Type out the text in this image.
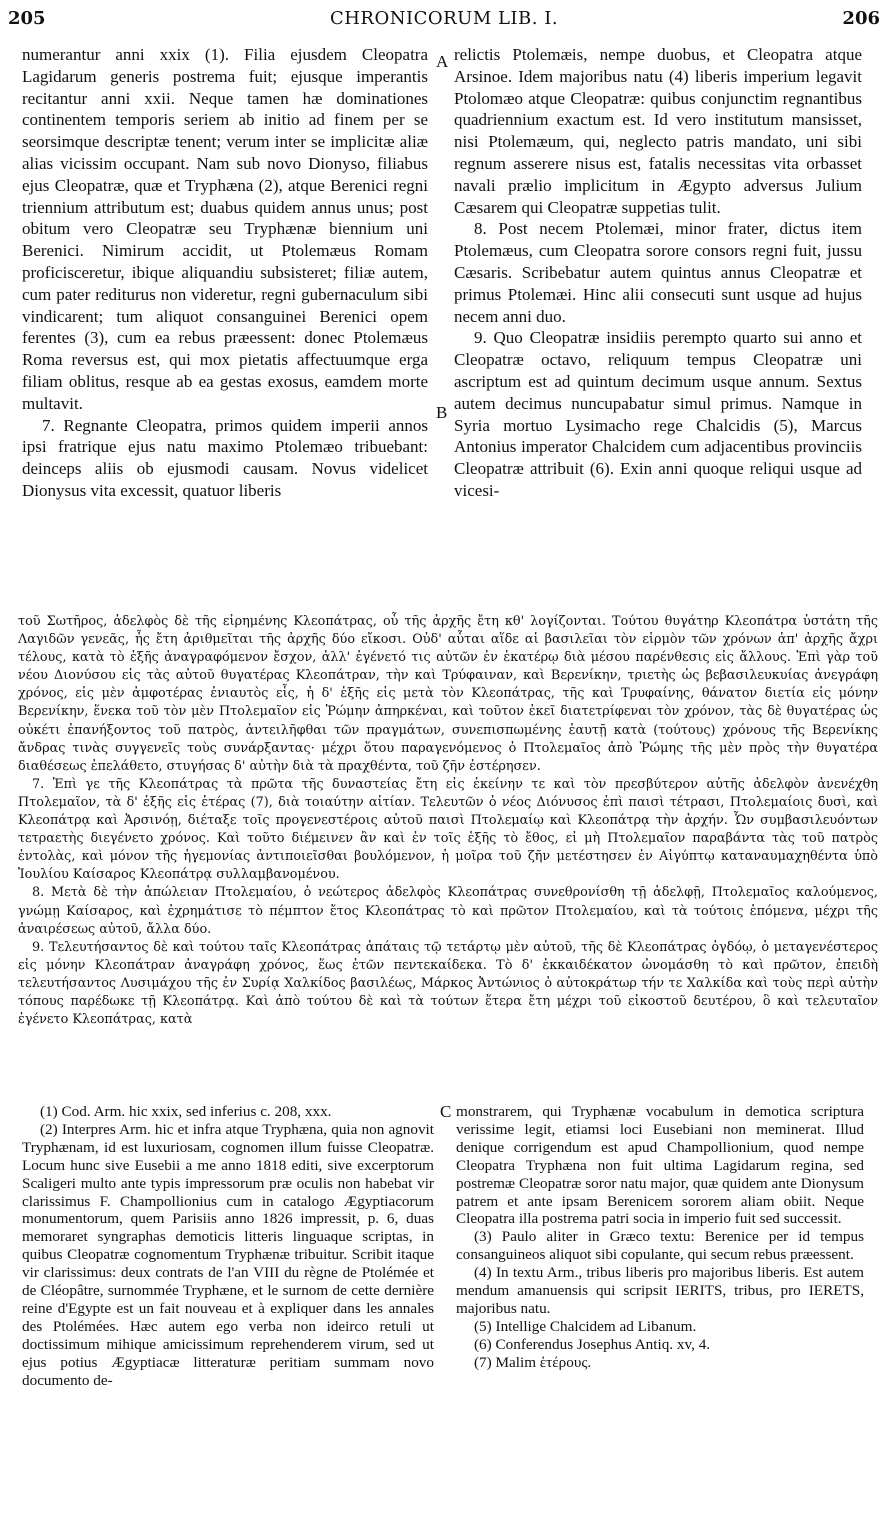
205	CHRONICORUM LIB. I.	206

numerantur anni xxix (1). Filia ejusdem Cleopatra Lagidarum generis postrema fuit; ejusque imperantis recitantur anni xxii. Neque tamen hæ dominationes continentem temporis seriem ab initio ad finem per se seorsimque descriptæ tenent; verum inter se implicitæ aliæ alias vicissim occupant. Nam sub novo Dionyso, filiabus ejus Cleopatræ, quæ et Tryphæna (2), atque Berenici regni triennium attributum est; duabus quidem annus unus; post obitum vero Cleopatræ seu Tryphænæ biennium uni Berenici. Nimirum accidit, ut Ptolemæus Romam proficisceretur, ibique aliquandiu subsisteret; filiæ autem, cum pater rediturus non videretur, regni gubernaculum sibi vindicarent; tum aliquot consanguinei Berenici opem ferentes (3), cum ea rebus præessent: donec Ptolemæus Roma reversus est, qui mox pietatis affectuumque erga filiam oblitus, resque ab ea gestas exosus, eamdem morte multavit.

7. Regnante Cleopatra, primos quidem imperii annos ipsi fratrique ejus natu maximo Ptolemæo tribuebant: deinceps aliis ob ejusmodi causam. Novus videlicet Dionysus vita excessit, quatuor liberis

A
B

relictis Ptolemæis, nempe duobus, et Cleopatra atque Arsinoe. Idem majoribus natu (4) liberis imperium legavit Ptolomæo atque Cleopatræ: quibus conjunctim regnantibus quadriennium exactum est. Id vero institutum mansisset, nisi Ptolemæum, qui, neglecto patris mandato, uni sibi regnum asserere nisus est, fatalis necessitas vita orbasset navali prælio implicitum in Ægypto adversus Julium Cæsarem qui Cleopatræ suppetias tulit.

8. Post necem Ptolemæi, minor frater, dictus item Ptolemæus, cum Cleopatra sorore consors regni fuit, jussu Cæsaris. Scribebatur autem quintus annus Cleopatræ et primus Ptolemæi. Hinc alii consecuti sunt usque ad hujus necem anni duo.

9. Quo Cleopatræ insidiis perempto quarto sui anno et Cleopatræ octavo, reliquum tempus Cleopatræ uni ascriptum est ad quintum decimum usque annum. Sextus autem decimus nuncupabatur simul primus. Namque in Syria mortuo Lysimacho rege Chalcidis (5), Marcus Antonius imperator Chalcidem cum adjacentibus provinciis Cleopatræ attribuit (6). Exin anni quoque reliqui usque ad vicesi-

τοῦ Σωτῆρος, ἀδελφὸς δὲ τῆς εἰρημένης Κλεοπάτρας, οὗ τῆς ἀρχῆς ἔτη κθ' λογίζονται. Τούτου θυγάτηρ Κλεοπάτρα ὑστάτη τῆς Λαγιδῶν γενεᾶς, ἧς ἔτη ἀριθμεῖται τῆς ἀρχῆς δύο εἴκοσι. Οὐδ' αὗται αἵδε αἱ βασιλεῖαι τὸν εἱρμὸν τῶν χρόνων ἀπ' ἀρχῆς ἄχρι τέλους, κατὰ τὸ ἑξῆς ἀναγραφόμενον ἔσχον, ἀλλ' ἐγένετό τις αὐτῶν ἐν ἑκατέρῳ διὰ μέσου παρένθεσις εἰς ἄλλους. Ἐπὶ γὰρ τοῦ νέου Διονύσου εἰς τὰς αὐτοῦ θυγατέρας Κλεοπάτραν, τὴν καὶ Τρύφαιναν, καὶ Βερενίκην, τριετὴς ὡς βεβασιλευκυίας ἀνεγράφη χρόνος, εἰς μὲν ἀμφοτέρας ἐνιαυτὸς εἷς, ἡ δ' ἑξῆς εἰς μετὰ τὸν Κλεοπάτρας, τῆς καὶ Τρυφαίνης, θάνατον διετία εἰς μόνην Βερενίκην, ἕνεκα τοῦ τὸν μὲν Πτολεμαῖον εἰς Ῥώμην ἀπηρκέναι, καὶ τοῦτον ἐκεῖ διατετρίφεναι τὸν χρόνον, τὰς δὲ θυγατέρας ὡς οὐκέτι ἐπανήξοντος τοῦ πατρὸς, ἀντειλῆφθαι τῶν πραγμάτων, συνεπισπωμένης ἑαυτῇ κατὰ (τούτους) χρόνους τῆς Βερενίκης ἄνδρας τινὰς συγγενεῖς τοὺς συνάρξαντας· μέχρι ὅτου παραγενόμενος ὁ Πτολεμαῖος ἀπὸ Ῥώμης τῆς μὲν πρὸς τὴν θυγατέρα διαθέσεως ἐπελάθετο, στυγήσας δ' αὐτὴν διὰ τὰ πραχθέντα, τοῦ ζῆν ἐστέρησεν.

7. Ἐπὶ γε τῆς Κλεοπάτρας τὰ πρῶτα τῆς δυναστείας ἔτη εἰς ἐκείνην τε καὶ τὸν πρεσβύτερον αὐτῆς ἀδελφὸν ἀνενέχθη Πτολεμαῖον, τὰ δ' ἑξῆς εἰς ἑτέρας (7), διὰ τοιαύτην αἰτίαν. Τελευτῶν ὁ νέος Διόνυσος ἐπὶ παισὶ τέτρασι, Πτολεμαίοις δυσὶ, καὶ Κλεοπάτρᾳ καὶ Ἀρσινόῃ, διέταξε τοῖς προγενεστέροις αὐτοῦ παισὶ Πτολεμαίῳ καὶ Κλεοπάτρᾳ τὴν ἀρχήν. Ὧν συμβασιλευόντων τετραετὴς διεγένετο χρόνος. Καὶ τοῦτο διέμεινεν ἂν καὶ ἐν τοῖς ἑξῆς τὸ ἔθος, εἰ μὴ Πτολεμαῖον παραβάντα τὰς τοῦ πατρὸς ἐντολὰς, καὶ μόνον τῆς ἡγεμονίας ἀντιποιεῖσθαι βουλόμενον, ἡ μοῖρα τοῦ ζῆν μετέστησεν ἐν Αἰγύπτῳ καταναυμαχηθέντα ὑπὸ Ἰουλίου Καίσαρος Κλεοπάτρᾳ συλλαμβανομένου.

8. Μετὰ δὲ τὴν ἀπώλειαν Πτολεμαίου, ὁ νεώτερος ἀδελφὸς Κλεοπάτρας συνεθρονίσθη τῇ ἀδελφῇ, Πτολεμαῖος καλούμενος, γνώμῃ Καίσαρος, καὶ ἐχρημάτισε τὸ πέμπτον ἔτος Κλεοπάτρας τὸ καὶ πρῶτον Πτολεμαίου, καὶ τὰ τούτοις ἑπόμενα, μέχρι τῆς ἀναιρέσεως αὐτοῦ, ἄλλα δύο.

9. Τελευτήσαντος δὲ καὶ τούτου ταῖς Κλεοπάτρας ἀπάταις τῷ τετάρτῳ μὲν αὐτοῦ, τῆς δὲ Κλεοπάτρας ὀγδόῳ, ὁ μεταγενέστερος εἰς μόνην Κλεοπάτραν ἀναγράφη χρόνος, ἕως ἐτῶν πεντεκαίδεκα. Τὸ δ' ἑκκαιδέκατον ὠνομάσθη τὸ καὶ πρῶτον, ἐπειδὴ τελευτήσαντος Λυσιμάχου τῆς ἐν Συρίᾳ Χαλκίδος βασιλέως, Μάρκος Ἀντώνιος ὁ αὐτοκράτωρ τήν τε Χαλκίδα καὶ τοὺς περὶ αὐτὴν τόπους παρέδωκε τῇ Κλεοπάτρᾳ. Καὶ ἀπὸ τούτου δὲ καὶ τὰ τούτων ἕτερα ἔτη μέχρι τοῦ εἰκοστοῦ δευτέρου, ὃ καὶ τελευταῖον ἐγένετο Κλεοπάτρας, κατὰ

(1) Cod. Arm. hic xxix, sed inferius c. 208, xxx.

(2) Interpres Arm. hic et infra atque Tryphæna, quia non agnovit Tryphænam, id est luxuriosam, cognomen illum fuisse Cleopatræ. Locum hunc sive Eusebii a me anno 1818 editi, sive excerptorum Scaligeri multo ante typis impressorum præ oculis non habebat vir clarissimus F. Champollionius cum in catalogo Ægyptiacorum monumentorum, quem Parisiis anno 1826 impressit, p. 6, duas memoraret syngraphas demoticis litteris linguaque scriptas, in quibus Cleopatræ cognomentum Tryphænæ tribuitur. Scribit itaque vir clarissimus: deux contrats de l'an VIII du règne de Ptolémée et de Cléopâtre, surnommée Tryphæne, et le surnom de cette dernière reine d'Egypte est un fait nouveau et à expliquer dans les annales des Ptolémées. Hæc autem ego verba non ideirco retuli ut doctissimum mihique amicissimum reprehenderem virum, sed ut ejus potius Ægyptiacæ litteraturæ peritiam summam novo documento de-

C monstrarem, qui Tryphænæ vocabulum in demotica scriptura verissime legit, etiamsi loci Eusebiani non meminerat. Illud denique corrigendum est apud Champollionium, quod nempe Cleopatra Tryphæna non fuit ultima Lagidarum regina, sed postremæ Cleopatræ soror natu major, quæ quidem ante Dionysum patrem et ante ipsam Berenicem sororem aliam obiit. Neque Cleopatra illa postrema patri socia in imperio fuit sed successit.

(3) Paulo aliter in Græco textu: Berenice per id tempus consanguineos aliquot sibi copulante, qui secum rebus præessent.

(4) In textu Arm., tribus liberis pro majoribus liberis. Est autem mendum amanuensis qui scripsit IERITS, tribus, pro IERETS, majoribus natu.

(5) Intellige Chalcidem ad Libanum.

(6) Conferendus Josephus Antiq. xv, 4.

(7) Malim ἑτέρους.
